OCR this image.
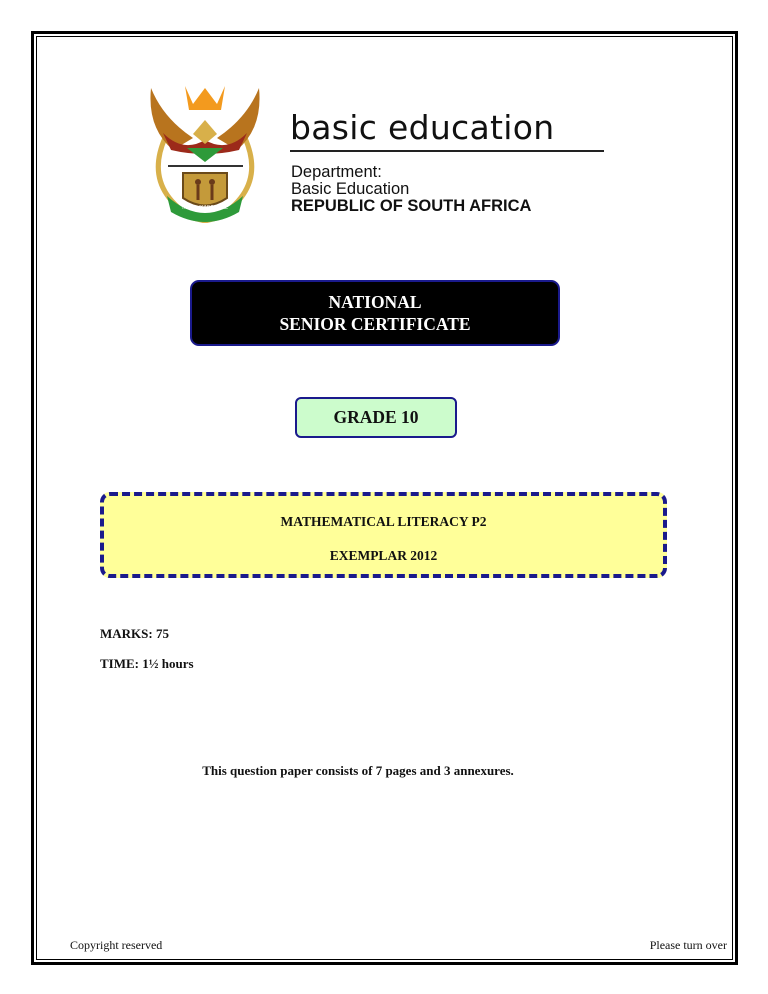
!KE E: /XARRA //KE
basic education
Department:
Basic Education
REPUBLIC OF SOUTH AFRICA
NATIONAL
SENIOR CERTIFICATE
GRADE 10
MATHEMATICAL LITERACY P2
EXEMPLAR 2012
MARKS: 75
TIME: 1½ hours
This question paper consists of 7 pages and 3 annexures.
Copyright reserved	Please turn over
